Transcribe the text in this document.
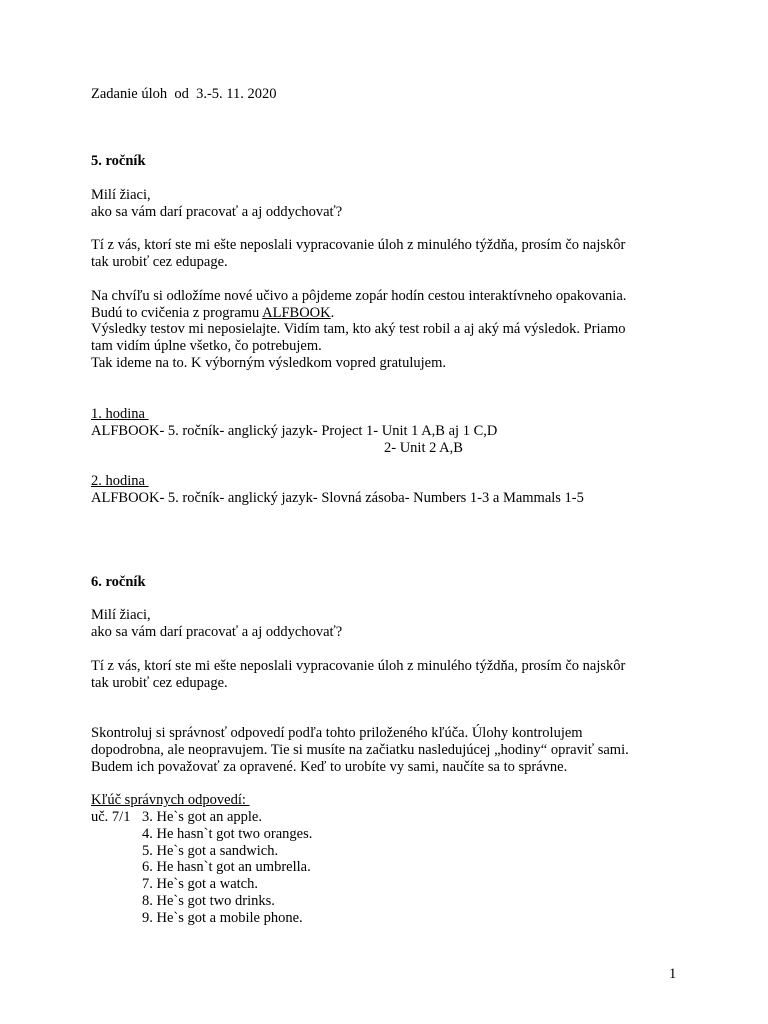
Zadanie úloh  od  3.-5. 11. 2020
5. ročník
Milí žiaci,
ako sa vám darí pracovať a aj oddychovať?
Tí z vás, ktorí ste mi ešte neposlali vypracovanie úloh z minulého týždňa, prosím čo najskôr
tak urobiť cez edupage.
Na chvíľu si odložíme nové učivo a pôjdeme zopár hodín cestou interaktívneho opakovania.
Budú to cvičenia z programu ALFBOOK.
Výsledky testov mi neposielajte. Vidím tam, kto aký test robil a aj aký má výsledok. Priamo
tam vidím úplne všetko, čo potrebujem.
Tak ideme na to. K výborným výsledkom vopred gratulujem.
1. hodina
ALFBOOK- 5. ročník- anglický jazyk- Project 1- Unit 1 A,B aj 1 C,D
2- Unit 2 A,B
2. hodina
ALFBOOK- 5. ročník- anglický jazyk- Slovná zásoba- Numbers 1-3 a Mammals 1-5
6. ročník
Milí žiaci,
ako sa vám darí pracovať a aj oddychovať?
Tí z vás, ktorí ste mi ešte neposlali vypracovanie úloh z minulého týždňa, prosím čo najskôr
tak urobiť cez edupage.
Skontroluj si správnosť odpovedí podľa tohto priloženého kľúča. Úlohy kontrolujem
dopodrobna, ale neopravujem. Tie si musíte na začiatku nasledujúcej „hodiny“ opraviť sami.
Budem ich považovať za opravené. Keď to urobíte vy sami, naučíte sa to správne.
Kľúč správnych odpovedí:
uč. 7/1 3. He`s got an apple.
4. He hasn`t got two oranges.
5. He`s got a sandwich.
6. He hasn`t got an umbrella.
7. He`s got a watch.
8. He`s got two drinks.
9. He`s got a mobile phone.
1
